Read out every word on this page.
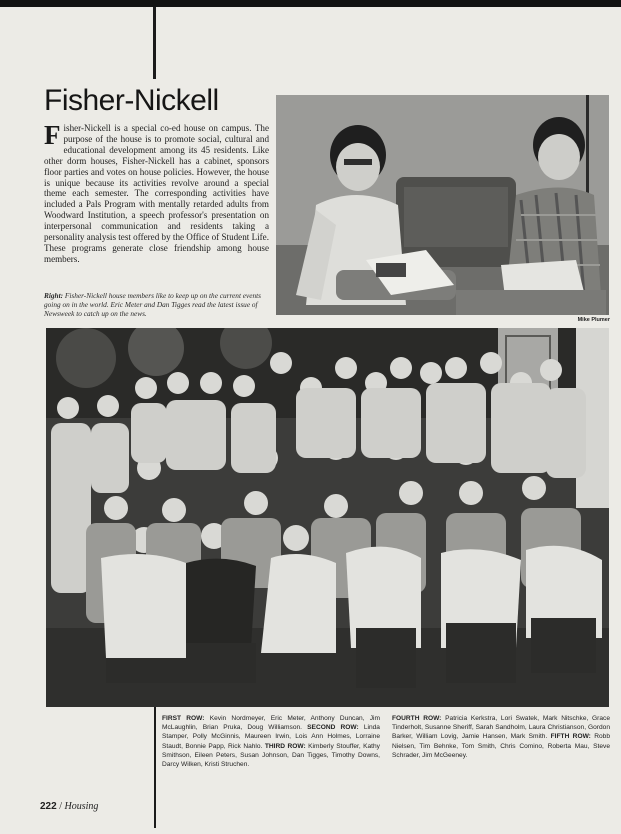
Fisher-Nickell

Fisher-Nickell is a special co-ed house on campus. The purpose of the house is to promote social, cultural and educational development among its 45 residents. Like other dorm houses, Fisher-Nickell has a cabinet, sponsors floor parties and votes on house policies. However, the house is unique because its activities revolve around a special theme each semester. The corresponding activities have included a Pals Program with mentally retarded adults from Woodward Institution, a speech professor's presentation on interpersonal communication and residents taking a personality analysis test offered by the Office of Student Life. These programs generate close friendship among house members.

Right: Fisher-Nickell house members like to keep up on the current events going on in the world. Eric Meter and Dan Tigges read the latest issue of Newsweek to catch up on the news.

Mike Plumer

FIRST ROW: Kevin Nordmeyer, Eric Meter, Anthony Duncan, Jim McLaughlin, Brian Pruka, Doug Williamson. SECOND ROW: Linda Stamper, Polly McGinnis, Maureen Irwin, Lois Ann Holmes, Lorraine Staudt, Bonnie Papp, Rick Nahlo. THIRD ROW: Kimberly Stouffer, Kathy Smithson, Eileen Peters, Susan Johnson, Dan Tigges, Timothy Downs, Darcy Wilken, Kristi Struchen.
FOURTH ROW: Patricia Kerkstra, Lori Swatek, Mark Nitschke, Grace Tinderholt, Susanne Sheriff, Sarah Sandholm, Laura Christianson, Gordon Barker, William Lovig, Jamie Hansen, Mark Smith. FIFTH ROW: Robb Nielsen, Tim Behnke, Tom Smith, Chris Comino, Roberta Mau, Steve Schrader, Jim McGeeney.

222 / Housing
